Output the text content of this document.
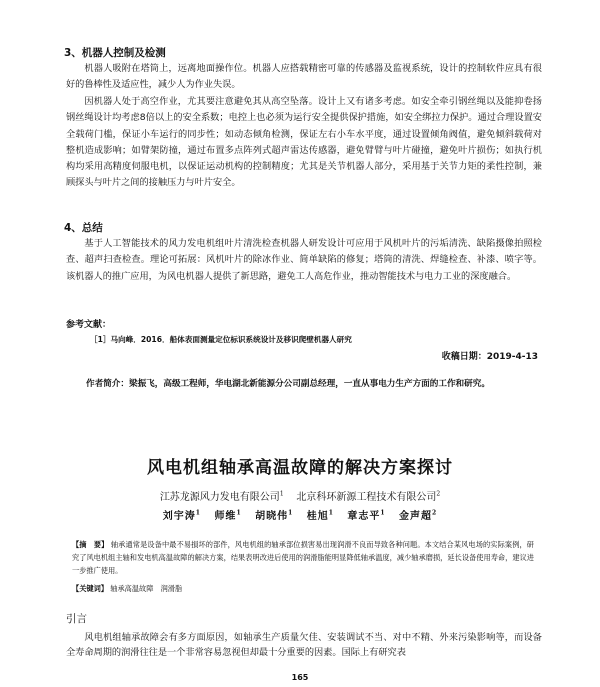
3、机器人控制及检测

机器人吸附在塔筒上，远离地面操作位。机器人应搭载精密可靠的传感器及监视系统，设计的控制软件应具有很好的鲁棒性及适应性，减少人为作业失误。

因机器人处于高空作业，尤其要注意避免其从高空坠落。设计上又有诸多考虑。如安全牵引钢丝绳以及能抑卷扬钢丝绳设计均考虑8倍以上的安全系数；电控上也必须为运行安全提供保护措施，如安全绑拉力保护。通过合理设置安全载荷门槛，保证小车运行的同步性；如动态倾角检测，保证左右小车水平度，通过设置倾角阀值，避免倾斜载荷对整机造成影响；如臂架防撞，通过布置多点阵列式超声雷达传感器，避免臂臂与叶片碰撞，避免叶片损伤；如执行机构均采用高精度伺服电机，以保证运动机构的控制精度；尤其是关节机器人部分，采用基于关节力矩的柔性控制，兼顾探头与叶片之间的接触压力与叶片安全。

4、总结

基于人工智能技术的风力发电机组叶片清洗检查机器人研发设计可应用于风机叶片的污垢清洗、缺陷摄像拍照检查、超声扫查检查。理论可拓展：风机叶片的除冰作业、简单缺陷的修复；塔筒的清洗、焊缝检查、补漆、喷字等。该机器人的推广应用，为风电机器人提供了新思路，避免工人高危作业，推动智能技术与电力工业的深度融合。

参考文献：
［1］马向峰．2016．船体表面测量定位标识系统设计及移识爬壁机器人研究
收稿日期：2019-4-13

作者简介：梁振飞，高级工程师，华电湖北新能源分公司副总经理，一直从事电力生产方面的工作和研究。

风电机组轴承高温故障的解决方案探讨
江苏龙源风力发电有限公司$^1$ 北京科环新源工程技术有限公司$^2$
刘宇涛$^1$ 师维$^1$ 胡晓伟$^1$ 桂旭$^1$ 章志平$^1$ 金声超$^2$

【摘　要】 轴承通常是设备中最不易損坏的部件，风电机组的轴承部位损害易出现润滑不良而导致各种问题。本文结合某风电场的实际案例，研究了风电机组主轴和发电机高温故障的解决方案，结果表明改进后使用的润滑脂能明显降低轴承温度，减少轴承磨损，延长设备使用寿命，建议进一步推广使用。

【关键词】 轴承高温故障　润滑脂
引言

风电机组轴承故障会有多方面原因，如轴承生产质量欠佳、安装调试不当、对中不精、外来污染影响等，而设备全寿命周期的润滑往往是一个非常容易忽视但却最十分重要的因素。国际上有研究表

165
